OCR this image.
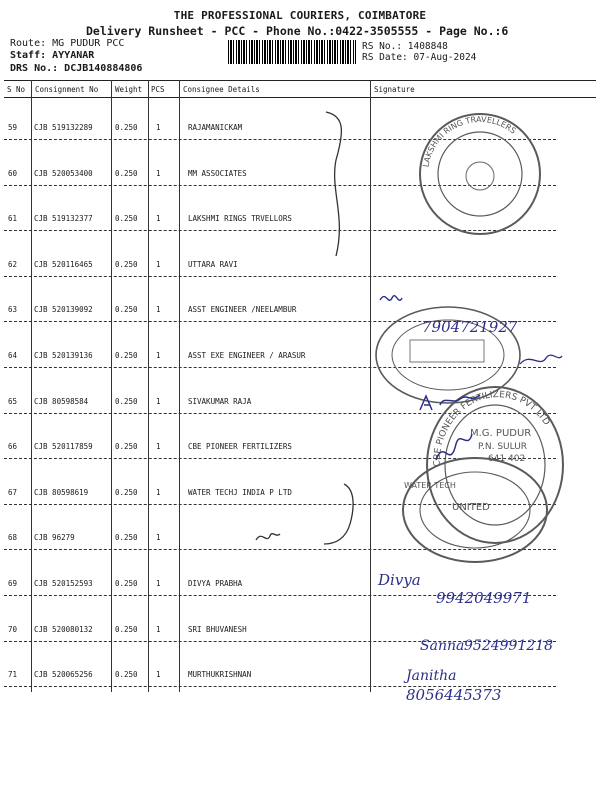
THE PROFESSIONAL COURIERS, COIMBATORE
Delivery Runsheet - PCC - Phone No.:0422-3505555 - Page No.:6
Route: MG PUDUR PCC
Staff: AYYANAR
DRS No.: DCJB140884806
RS No.: 1408848
RS Date: 07-Aug-2024
S No Consignment No Weight PCS Consignee Details	Signature
59 CJB 519132289	0.250 1	RAJAMANICKAM
60 CJB 520053400	0.250 1	MM ASSOCIATES
61 CJB 519132377	0.250 1	LAKSHMI RINGS TRVELLORS
62 CJB 520116465	0.250 1	UTTARA RAVI
63 CJB 520139092	0.250 1	ASST ENGINEER /NEELAMBUR
64 CJB 520139136	0.250 1	ASST EXE ENGINEER / ARASUR
65 CJB 80598584	0.250 1	SIVAKUMAR RAJA
66 CJB 520117859	0.250 1	CBE PIONEER FERTILIZERS
67 CJB 80598619	0.250 1	WATER TECHJ INDIA P LTD
68 CJB 96279	0.250 1
69 CJB 520152593	0.250 1	DIVYA PRABHA
70 CJB 520080132	0.250 1	SRI BHUVANESH
71 CJB 520065256	0.250 1	MURTHUKRISHNAN
LAKSHMI RING TRAVELLERS
CBE PIONEER FERTILIZERS PVT LTD
M.G. PUDUR
P.N. SULUR
641 402
UNITED
WATER TECH
7904721927
Divya
9942049971
Sanna 9524991218
Janitha
8056445373
